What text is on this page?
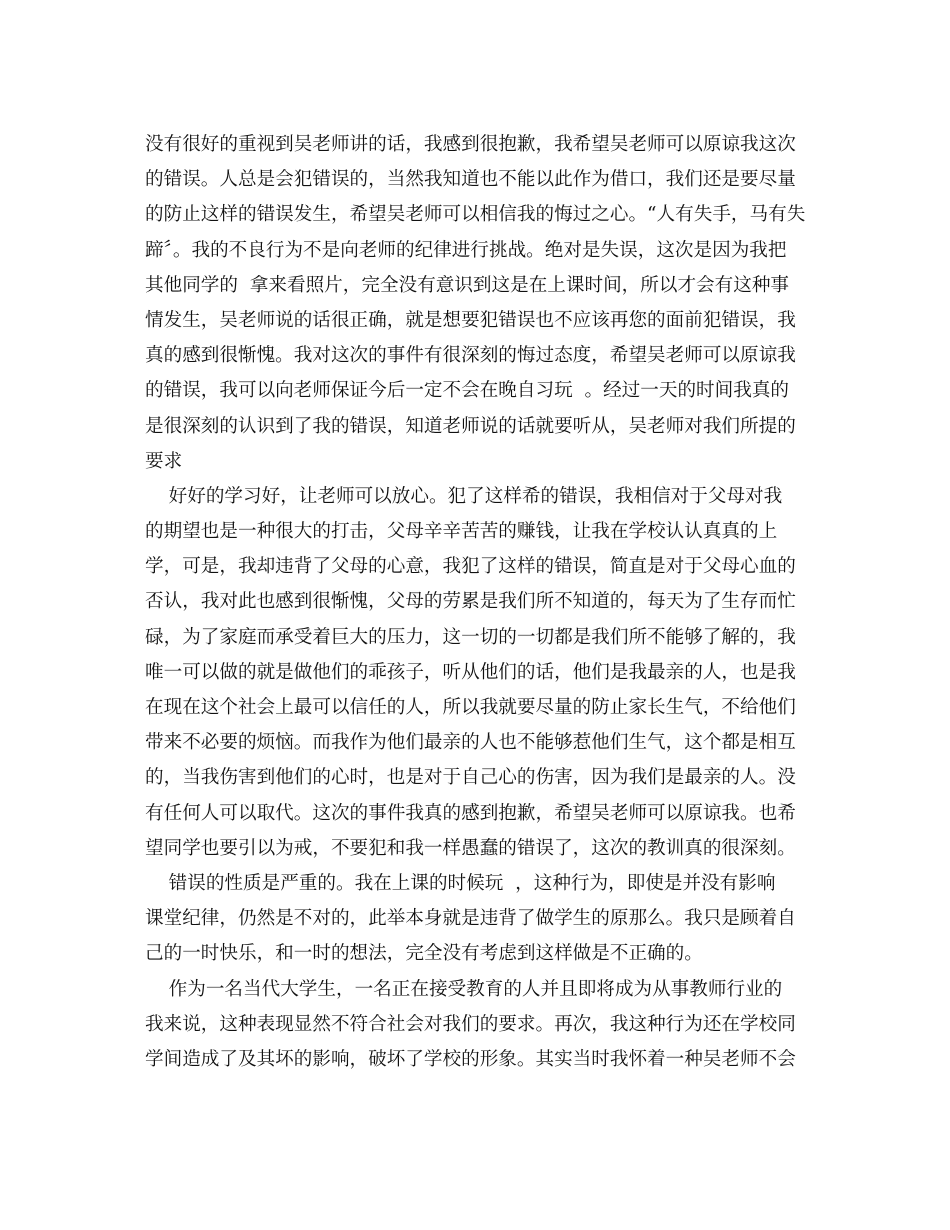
没有很好的重视到吴老师讲的话，我感到很抱歉，我希望吴老师可以原谅我这次
的错误。人总是会犯错误的，当然我知道也不能以此作为借口，我们还是要尽量
的防止这样的错误发生，希望吴老师可以相信我的悔过之心。“人有失手，马有失
蹄〞。我的不良行为不是向老师的纪律进行挑战。绝对是失误，这次是因为我把
其他同学的  拿来看照片，完全没有意识到这是在上课时间，所以才会有这种事
情发生，吴老师说的话很正确，就是想要犯错误也不应该再您的面前犯错误，我
真的感到很惭愧。我对这次的事件有很深刻的悔过态度，希望吴老师可以原谅我
的错误，我可以向老师保证今后一定不会在晚自习玩  。经过一天的时间我真的
是很深刻的认识到了我的错误，知道老师说的话就要听从，吴老师对我们所提的
要求
好好的学习好，让老师可以放心。犯了这样希的错误，我相信对于父母对我
的期望也是一种很大的打击，父母辛辛苦苦的赚钱，让我在学校认认真真的上
学，可是，我却违背了父母的心意，我犯了这样的错误，简直是对于父母心血的
否认，我对此也感到很惭愧，父母的劳累是我们所不知道的，每天为了生存而忙
碌，为了家庭而承受着巨大的压力，这一切的一切都是我们所不能够了解的，我
唯一可以做的就是做他们的乖孩子，听从他们的话，他们是我最亲的人，也是我
在现在这个社会上最可以信任的人，所以我就要尽量的防止家长生气，不给他们
带来不必要的烦恼。而我作为他们最亲的人也不能够惹他们生气，这个都是相互
的，当我伤害到他们的心时，也是对于自己心的伤害，因为我们是最亲的人。没
有任何人可以取代。这次的事件我真的感到抱歉，希望吴老师可以原谅我。也希
望同学也要引以为戒，不要犯和我一样愚蠢的错误了，这次的教训真的很深刻。
错误的性质是严重的。我在上课的时候玩  ，这种行为，即使是并没有影响
课堂纪律，仍然是不对的，此举本身就是违背了做学生的原那么。我只是顾着自
己的一时快乐，和一时的想法，完全没有考虑到这样做是不正确的。
作为一名当代大学生，一名正在接受教育的人并且即将成为从事教师行业的
我来说，这种表现显然不符合社会对我们的要求。再次，我这种行为还在学校同
学间造成了及其坏的影响，破坏了学校的形象。其实当时我怀着一种吴老师不会
